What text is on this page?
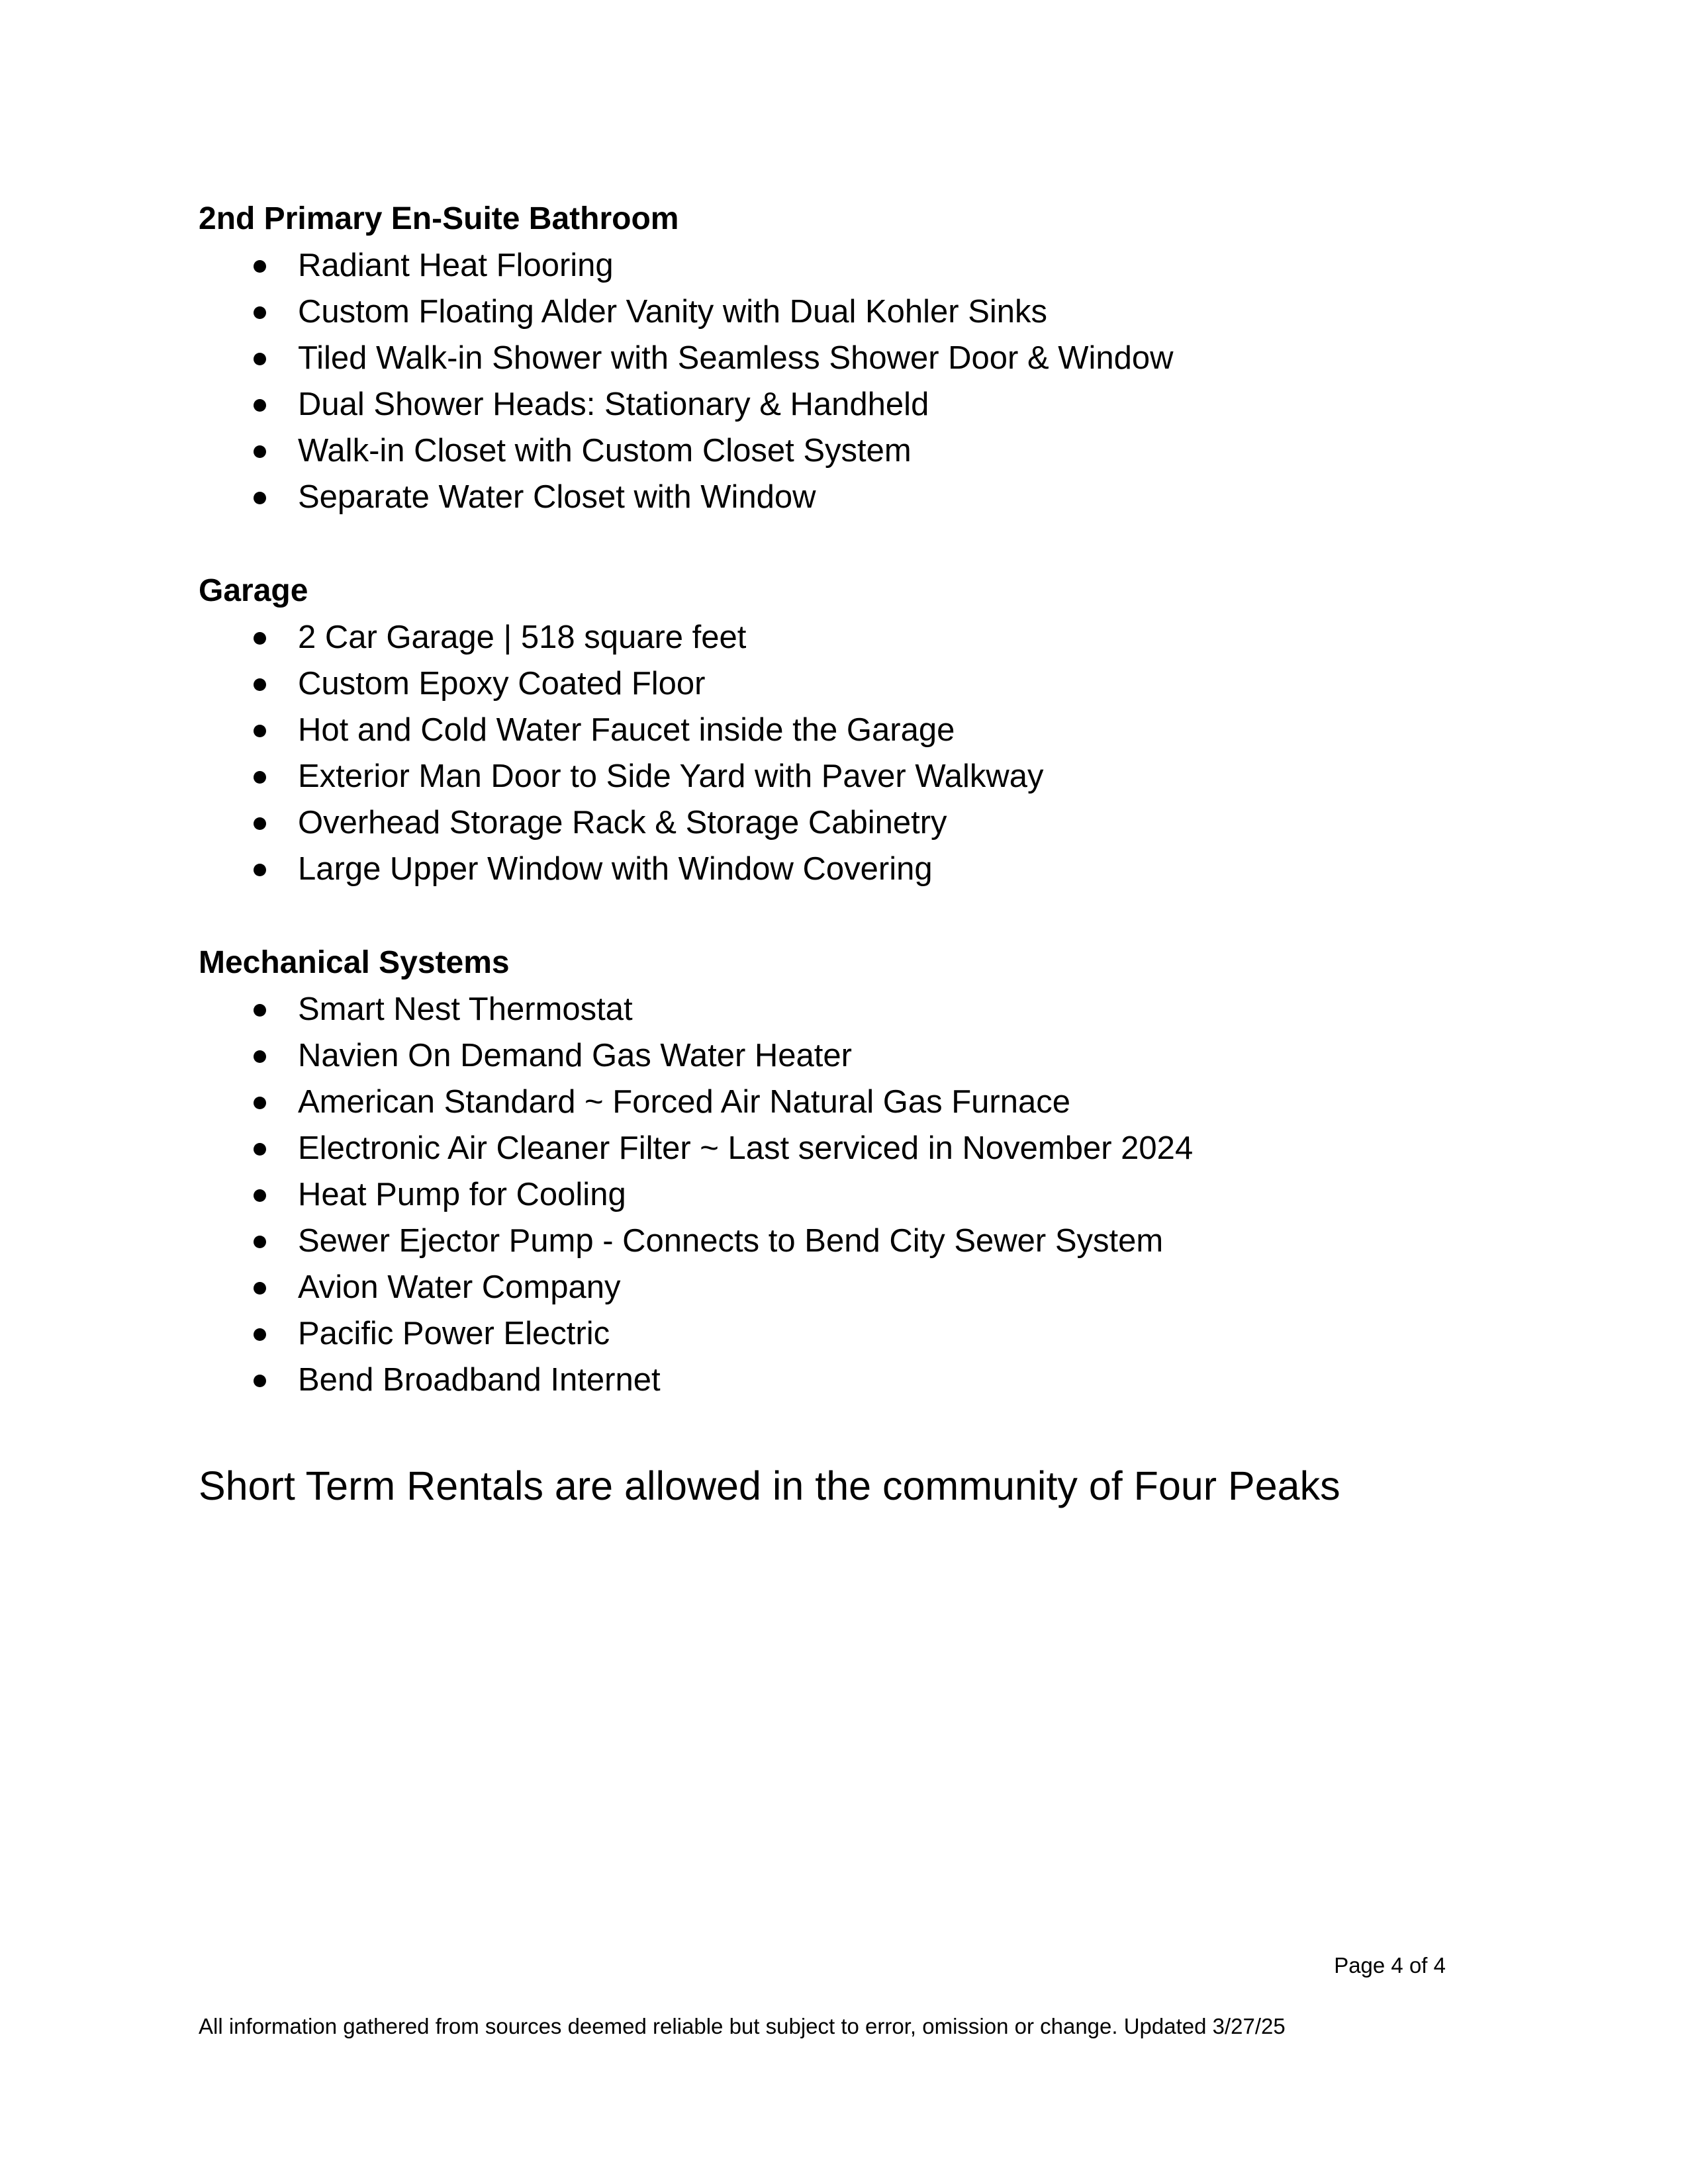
2nd Primary En-Suite Bathroom
Radiant Heat Flooring
Custom Floating Alder Vanity with Dual Kohler Sinks
Tiled Walk-in Shower with Seamless Shower Door & Window
Dual Shower Heads: Stationary & Handheld
Walk-in Closet with Custom Closet System
Separate Water Closet with Window
Garage
2 Car Garage | 518 square feet
Custom Epoxy Coated Floor
Hot and Cold Water Faucet inside the Garage
Exterior Man Door to Side Yard with Paver Walkway
Overhead Storage Rack & Storage Cabinetry
Large Upper Window with Window Covering
Mechanical Systems
Smart Nest Thermostat
Navien On Demand Gas Water Heater
American Standard ~ Forced Air Natural Gas Furnace
Electronic Air Cleaner Filter ~ Last serviced in November 2024
Heat Pump for Cooling
Sewer Ejector Pump - Connects to Bend City Sewer System
Avion Water Company
Pacific Power Electric
Bend Broadband Internet
Short Term Rentals are allowed in the community of Four Peaks
Page 4 of 4
All information gathered from sources deemed reliable but subject to error, omission or change. Updated 3/27/25
